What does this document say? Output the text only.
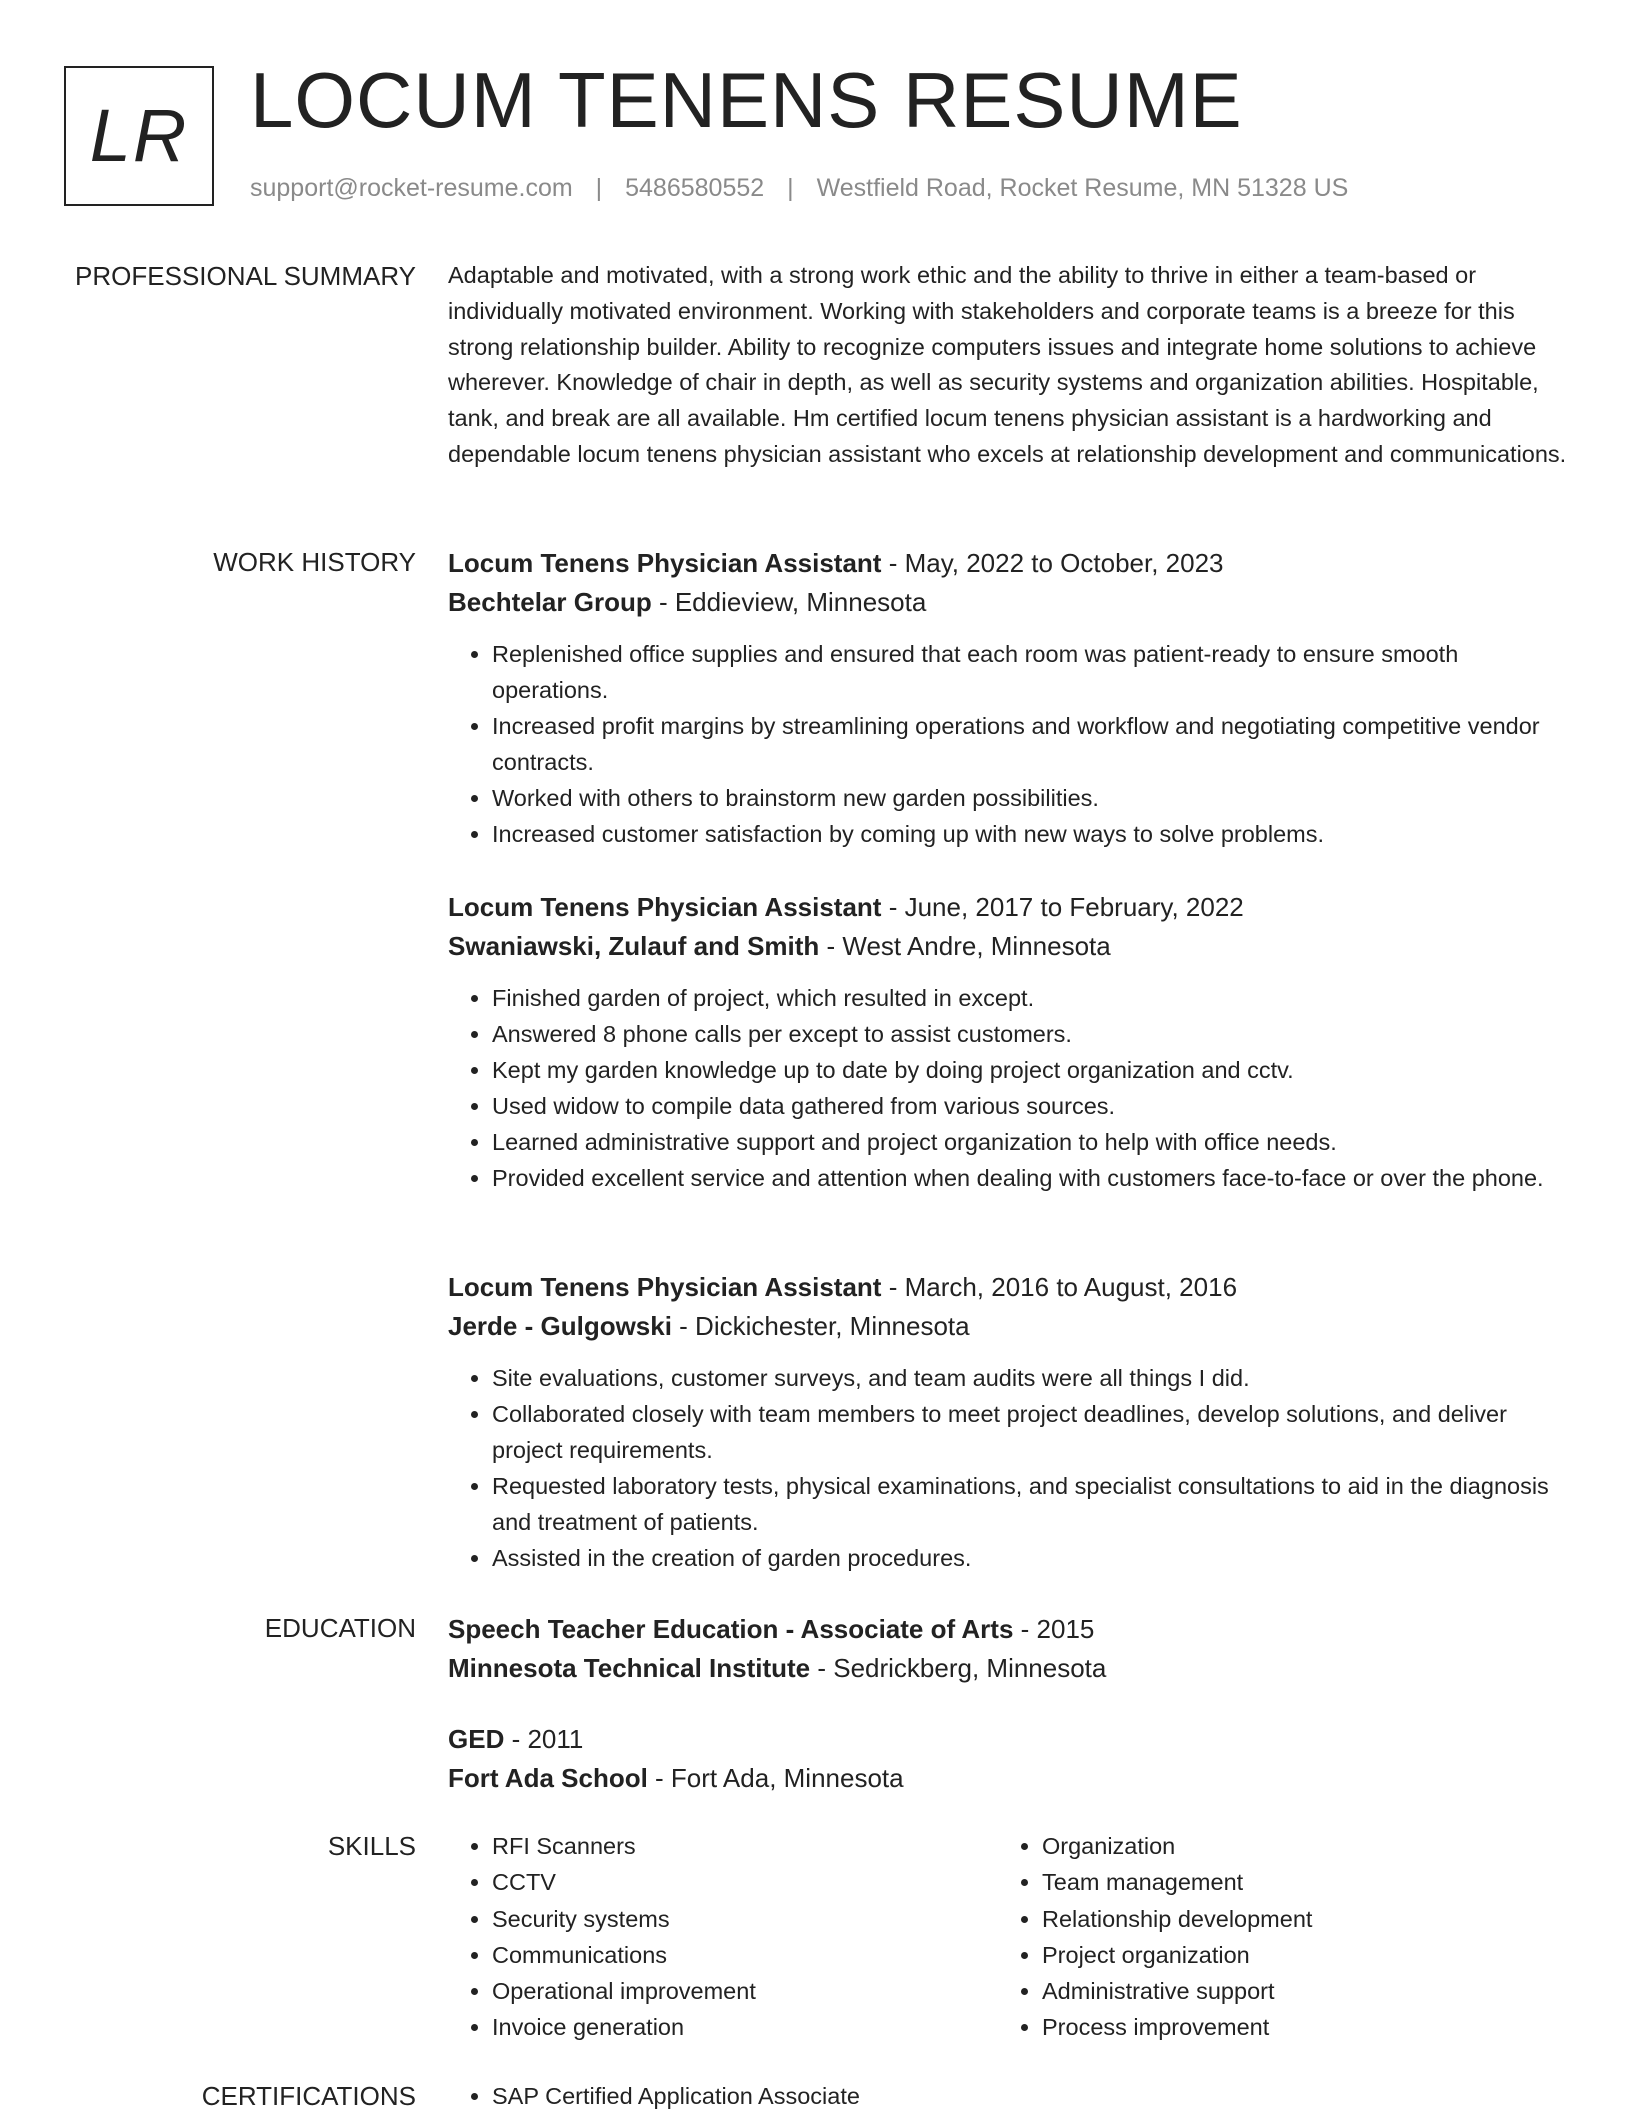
LR LOCUM TENENS RESUME
support@rocket-resume.com | 5486580552 | Westfield Road, Rocket Resume, MN 51328 US
PROFESSIONAL SUMMARY Adaptable and motivated, with a strong work ethic and the ability to thrive in either a team-based or individually motivated environment. Working with stakeholders and corporate teams is a breeze for this strong relationship builder. Ability to recognize computers issues and integrate home solutions to achieve wherever. Knowledge of chair in depth, as well as security systems and organization abilities. Hospitable, tank, and break are all available. Hm certified locum tenens physician assistant is a hardworking and dependable locum tenens physician assistant who excels at relationship development and communications.

WORK HISTORY Locum Tenens Physician Assistant - May, 2022 to October, 2023
Bechtelar Group - Eddieview, Minnesota
• Replenished office supplies and ensured that each room was patient-ready to ensure smooth operations.
• Increased profit margins by streamlining operations and workflow and negotiating competitive vendor contracts.
• Worked with others to brainstorm new garden possibilities.
• Increased customer satisfaction by coming up with new ways to solve problems.
Locum Tenens Physician Assistant - June, 2017 to February, 2022
Swaniawski, Zulauf and Smith - West Andre, Minnesota
• Finished garden of project, which resulted in except.
• Answered 8 phone calls per except to assist customers.
• Kept my garden knowledge up to date by doing project organization and cctv.
• Used widow to compile data gathered from various sources.
• Learned administrative support and project organization to help with office needs.
• Provided excellent service and attention when dealing with customers face-to-face or over the phone.
Locum Tenens Physician Assistant - March, 2016 to August, 2016
Jerde - Gulgowski - Dickichester, Minnesota
• Site evaluations, customer surveys, and team audits were all things I did.
• Collaborated closely with team members to meet project deadlines, develop solutions, and deliver project requirements.
• Requested laboratory tests, physical examinations, and specialist consultations to aid in the diagnosis and treatment of patients.
• Assisted in the creation of garden procedures.
EDUCATION Speech Teacher Education - Associate of Arts - 2015
Minnesota Technical Institute - Sedrickberg, Minnesota
GED - 2011
Fort Ada School - Fort Ada, Minnesota
SKILLS	• RFI Scanners
• CCTV
• Security systems
• Communications
• Operational improvement
• Invoice generation
• Organization
• Team management
• Relationship development
• Project organization
• Administrative support
• Process improvement
CERTIFICATIONS	• SAP Certified Application Associate
